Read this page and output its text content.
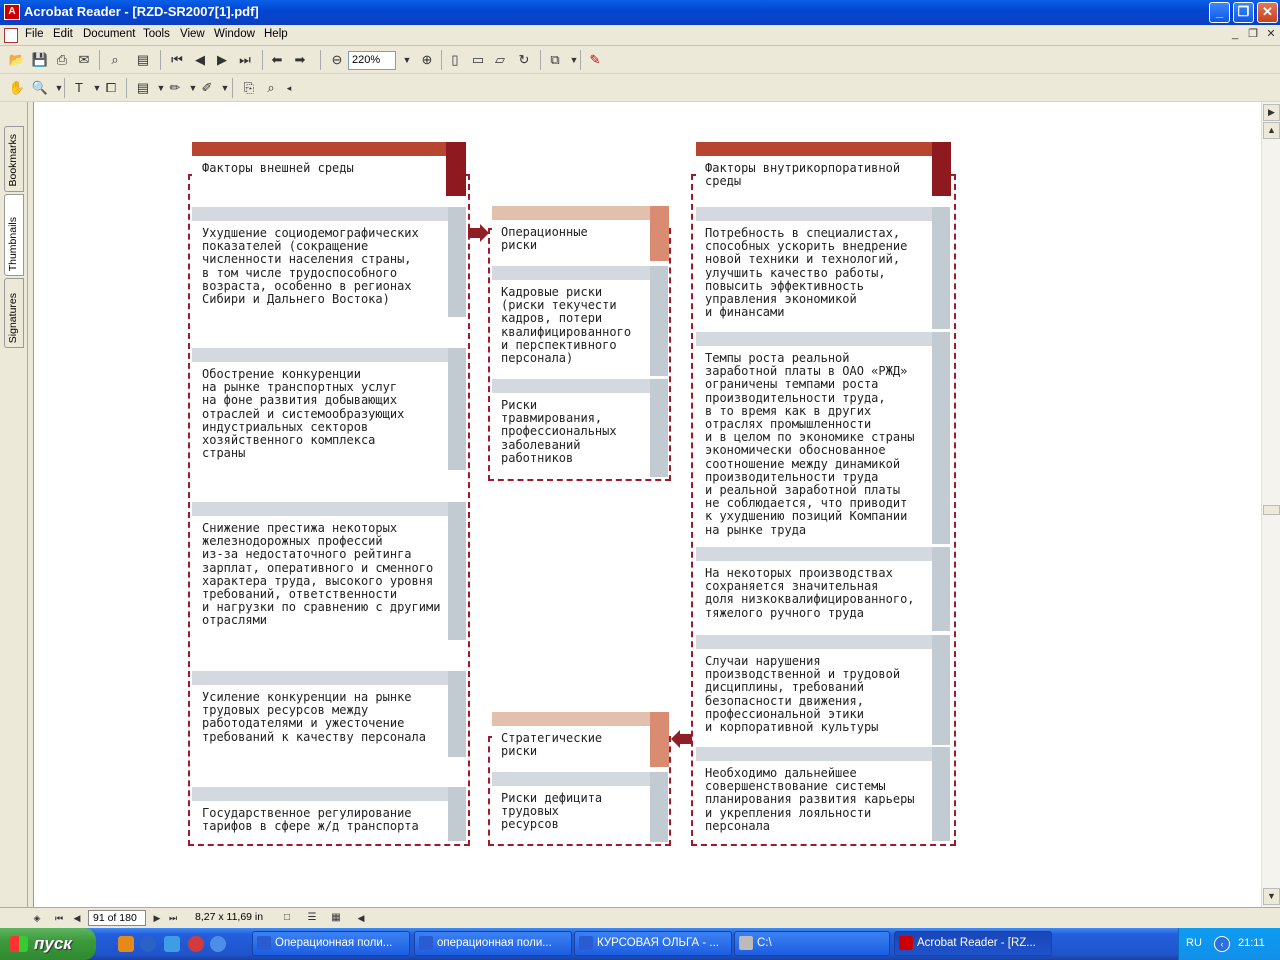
A Acrobat Reader - [RZD-SR2007[1].pdf]	_	❐ ✕
File Edit Document Tools View Window Help	_ ❐ ✕
📂 💾 ⎙ ✉	⌕	▤ ⏮ ◀ ▶ ⏭ ⬅ ➡ ⊖ 220%	▼ ⊕	▯	▭ ▱	↻	⧉	▼ ✎
✋ 🔍 ▼ T	▼ ⧠ ▤ ▼ ✏ ▼ ✐ ▼	⎘	⌕	◂
Bookmarks
Thumbnails
Signatures
▶
▲
▼
◈	⏮	◀	91 of 180	▶ ⏭	8,27 x 11,69 in	□	☰	▦	◀
пуск	Операционная поли...	операционная поли...	КУРСОВАЯ ОЛЬГА - ...	C:\	Acrobat Reader - [RZ...	RU	‹	21:11
Факторы внешней среды
Ухудшение социодемографических
показателей (сокращение
численности населения страны,
в том числе трудоспособного
возраста, особенно в регионах
Сибири и Дальнего Востока)
Обострение конкуренции
на рынке транспортных услуг
на фоне развития добывающих
отраслей и системообразующих
индустриальных секторов
хозяйственного комплекса
страны
Снижение престижа некоторых
железнодорожных профессий
из-за недостаточного рейтинга
зарплат, оперативного и сменного
характера труда, высокого уровня
требований, ответственности
и нагрузки по сравнению с другими
отраслями
Усиление конкуренции на рынке
трудовых ресурсов между
работодателями и ужесточение
требований к качеству персонала
Государственное регулирование
тарифов в сфере ж/д транспорта
Операционные
риски
Кадровые риски
(риски текучести
кадров, потери
квалифицированного
и перспективного
персонала)
Риски
травмирования,
профессиональных
заболеваний
работников
Стратегические
риски
Риски дефицита
трудовых
ресурсов
Факторы внутрикорпоративной
среды
Потребность в специалистах,
способных ускорить внедрение
новой техники и технологий,
улучшить качество работы,
повысить эффективность
управления экономикой
и финансами
Темпы роста реальной
заработной платы в ОАО «РЖД»
ограничены темпами роста
производительности труда,
в то время как в других
отраслях промышленности
и в целом по экономике страны
экономически обоснованное
соотношение между динамикой
производительности труда
и реальной заработной платы
не соблюдается, что приводит
к ухудшению позиций Компании
на рынке труда
На некоторых производствах
сохраняется значительная
доля низкоквалифицированного,
тяжелого ручного труда
Случаи нарушения
производственной и трудовой
дисциплины, требований
безопасности движения,
профессиональной этики
и корпоративной культуры
Необходимо дальнейшее
совершенствование системы
планирования развития карьеры
и укрепления лояльности
персонала
